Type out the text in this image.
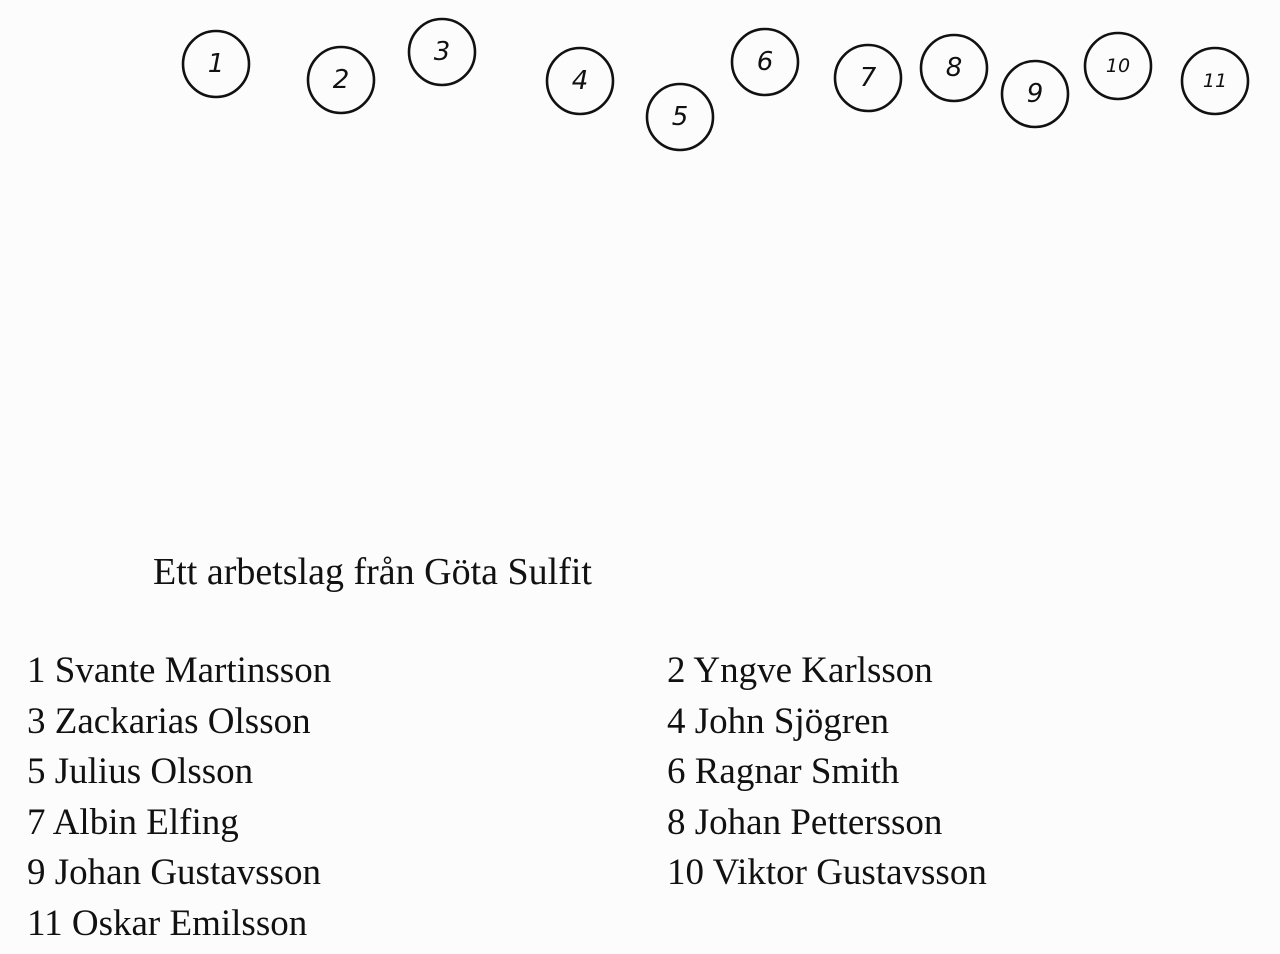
1
2
3
4
5
6
7	8
9
10
11
Ett arbetslag från Göta Sulfit
1 Svante Martinsson	2 Yngve Karlsson
3 Zackarias Olsson	4 John Sjögren
5 Julius Olsson	6 Ragnar Smith
7 Albin Elfing	8 Johan Pettersson
9 Johan Gustavsson	10 Viktor Gustavsson
11 Oskar Emilsson
